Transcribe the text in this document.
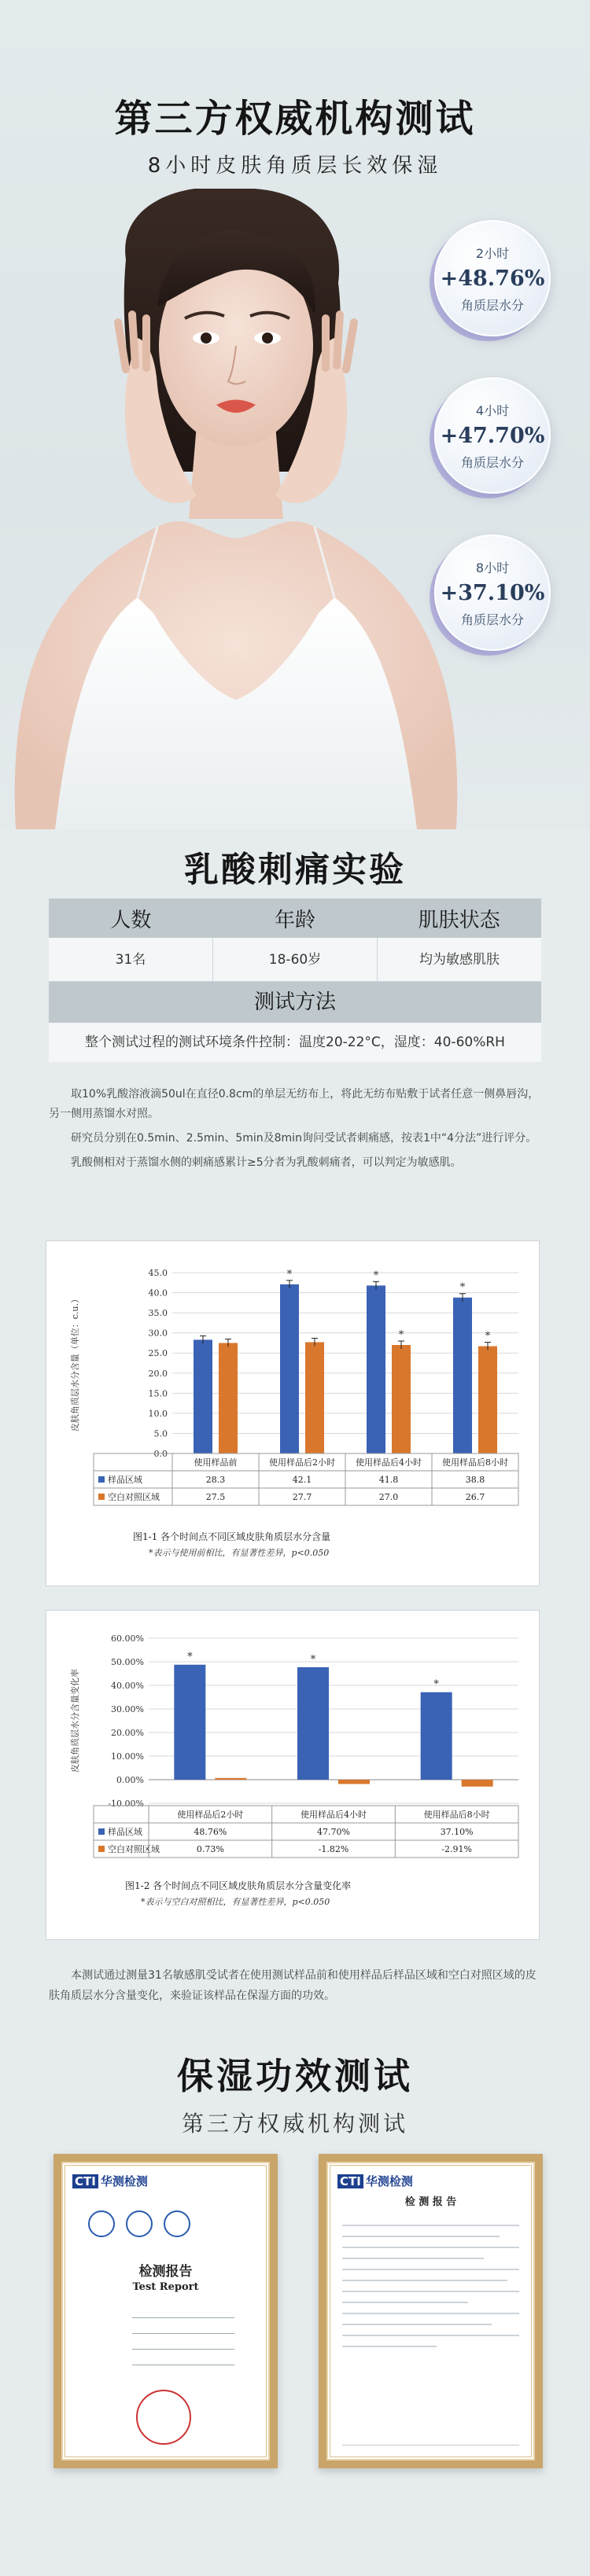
第三方权威机构测试
8小时皮肤角质层长效保湿
2小时
+48.76%
角质层水分
4小时
+47.70%
角质层水分
8小时
+37.10%
角质层水分
乳酸刺痛实验
人数	年龄	肌肤状态
31名	18-60岁	均为敏感肌肤
测试方法
整个测试过程的测试环境条件控制：温度20-22°C，湿度：40-60%RH

取10%乳酸溶液滴50ul在直径0.8cm的单层无纺布上，将此无纺布贴敷于试者任意一侧鼻唇沟，另一侧用蒸馏水对照。

研究员分别在0.5min、2.5min、5min及8min询问受试者刺痛感，按表1中“4分法”进行评分。

乳酸侧相对于蒸馏水侧的刺痛感累计≥5分者为乳酸刺痛者，可以判定为敏感肌。

皮肤角质层水分含量（单位：c.u.）
0.0
5.0
10.0
15.0
20.0
25.0
30.0
35.0
40.0
45.0	*	*
*
*
*
使用样品前	使用样品后2小时 使用样品后4小时 使用样品后8小时
样品区域	28.3	42.1	41.8	38.8
空白对照区域	27.5	27.7	27.0	26.7
图1-1 各个时间点不同区域皮肤角质层水分含量
*表示与使用前相比，有显著性差异，p<0.050
皮肤角质层水分含量变化率
-10.00%
0.00%
10.00%
20.00%
30.00%
40.00%
50.00%
60.00%
*	*
*
使用样品后2小时	使用样品后4小时	使用样品后8小时
样品区域	48.76%	47.70%	37.10%
空白对照区域	0.73%	-1.82%	-2.91%
图1-2 各个时间点不同区域皮肤角质层水分含量变化率
*表示与空白对照相比，有显著性差异，p<0.050

本测试通过测量31名敏感肌受试者在使用测试样品前和使用样品后样品区域和空白对照区域的皮肤角质层水分含量变化，来验证该样品在保湿方面的功效。

保湿功效测试
第三方权威机构测试
CTI 华测检测
检测报告
Test Report
CTI 华测检测
检 测 报 告
